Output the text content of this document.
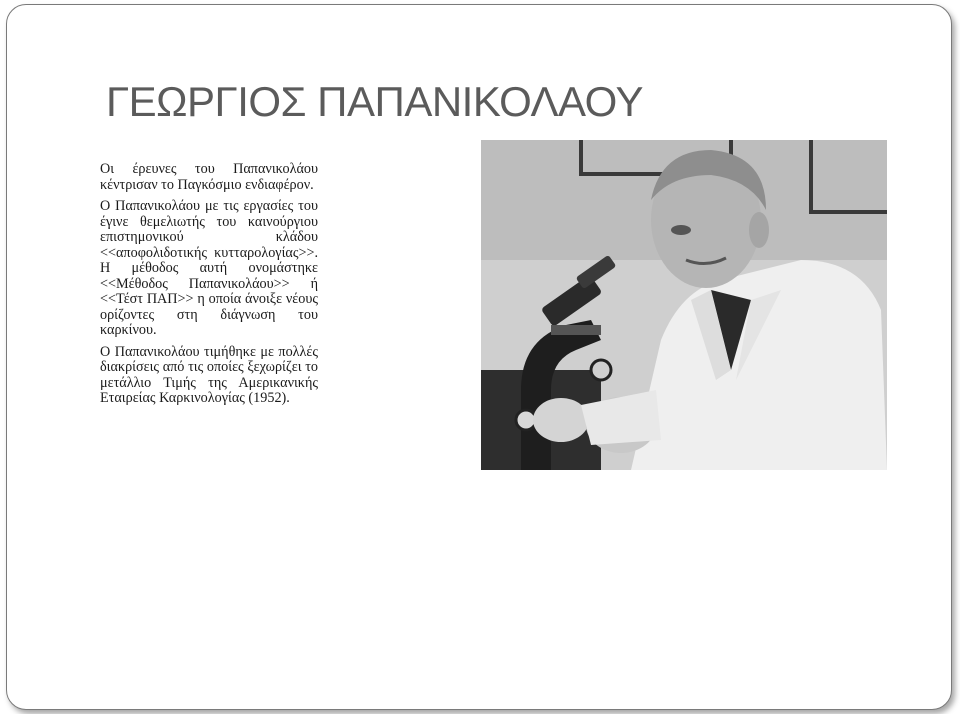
ΓΕΩΡΓΙΟΣ ΠΑΠΑΝΙΚΟΛΑΟΥ

Οι έρευνες του Παπανικολάου κέντρισαν το Παγκόσμιο ενδιαφέρον.

Ο Παπανικολάου με τις εργασίες του έγινε θεμελιωτής του καινούργιου επιστημονικού κλάδου <<αποφολιδοτικής κυτταρολογίας>>. Η μέθοδος αυτή ονομάστηκε <<Μέθοδος Παπανικολάου>> ή <<Τέστ ΠΑΠ>> η οποία άνοιξε νέους ορίζοντες στη διάγνωση του καρκίνου.

Ο Παπανικολάου τιμήθηκε με πολλές διακρίσεις από τις οποίες ξεχωρίζει το μετάλλιο Τιμής της Αμερικανικής Εταιρείας Καρκινολογίας (1952).
